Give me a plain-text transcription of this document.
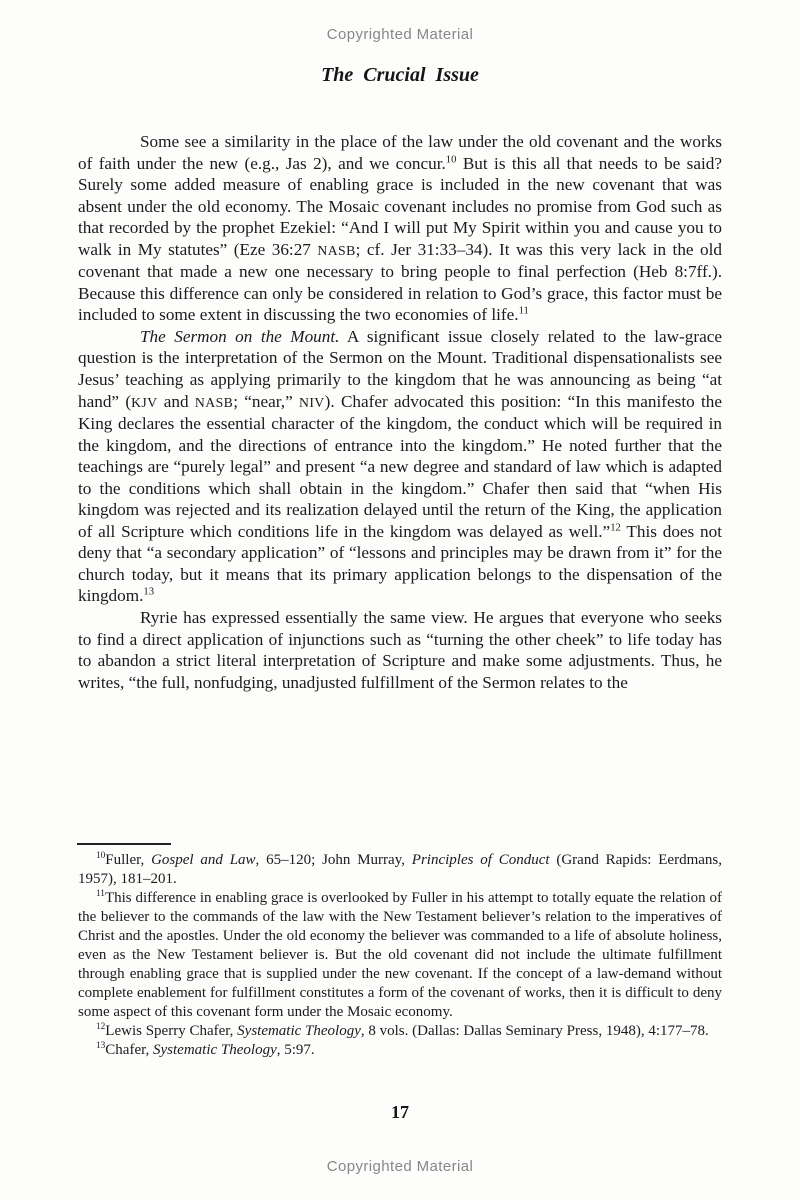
Copyrighted Material
The Crucial Issue

Some see a similarity in the place of the law under the old covenant and the works of faith under the new (e.g., Jas 2), and we concur.$^{10}$ But is this all that needs to be said? Surely some added measure of enabling grace is included in the new covenant that was absent under the old economy. The Mosaic covenant includes no promise from God such as that recorded by the prophet Ezekiel: “And I will put My Spirit within you and cause you to walk in My statutes” (Eze 36:27 NASB; cf. Jer 31:33–34). It was this very lack in the old covenant that made a new one necessary to bring people to final perfection (Heb 8:7ff.). Because this difference can only be considered in relation to God’s grace, this factor must be included to some extent in discussing the two economies of life.$^{11}$

The Sermon on the Mount. A significant issue closely related to the law-grace question is the interpretation of the Sermon on the Mount. Traditional dispensationalists see Jesus’ teaching as applying primarily to the kingdom that he was announcing as being “at hand” (KJV and NASB; “near,” NIV). Chafer advocated this position: “In this manifesto the King declares the essential character of the kingdom, the conduct which will be required in the kingdom, and the directions of entrance into the kingdom.” He noted further that the teachings are “purely legal” and present “a new degree and standard of law which is adapted to the conditions which shall obtain in the kingdom.” Chafer then said that “when His kingdom was rejected and its realization delayed until the return of the King, the application of all Scripture which conditions life in the kingdom was delayed as well.”$^{12}$ This does not deny that “a secondary application” of “lessons and principles may be drawn from it” for the church today, but it means that its primary application belongs to the dispensation of the kingdom.$^{13}$

Ryrie has expressed essentially the same view. He argues that everyone who seeks to find a direct application of injunctions such as “turning the other cheek” to life today has to abandon a strict literal interpretation of Scripture and make some adjustments. Thus, he writes, “the full, nonfudging, unadjusted fulfillment of the Sermon relates to the

$^{10}$Fuller, Gospel and Law, 65–120; John Murray, Principles of Conduct (Grand Rapids: Eerdmans, 1957), 181–201.

$^{11}$This difference in enabling grace is overlooked by Fuller in his attempt to totally equate the relation of the believer to the commands of the law with the New Testament believer’s relation to the imperatives of Christ and the apostles. Under the old economy the believer was commanded to a life of absolute holiness, even as the New Testament believer is. But the old covenant did not include the ultimate fulfillment through enabling grace that is supplied under the new covenant. If the concept of a law-demand without complete enablement for fulfillment constitutes a form of the covenant of works, then it is difficult to deny some aspect of this covenant form under the Mosaic economy.

$^{12}$Lewis Sperry Chafer, Systematic Theology, 8 vols. (Dallas: Dallas Seminary Press, 1948), 4:177–78.

$^{13}$Chafer, Systematic Theology, 5:97.

17
Copyrighted Material
